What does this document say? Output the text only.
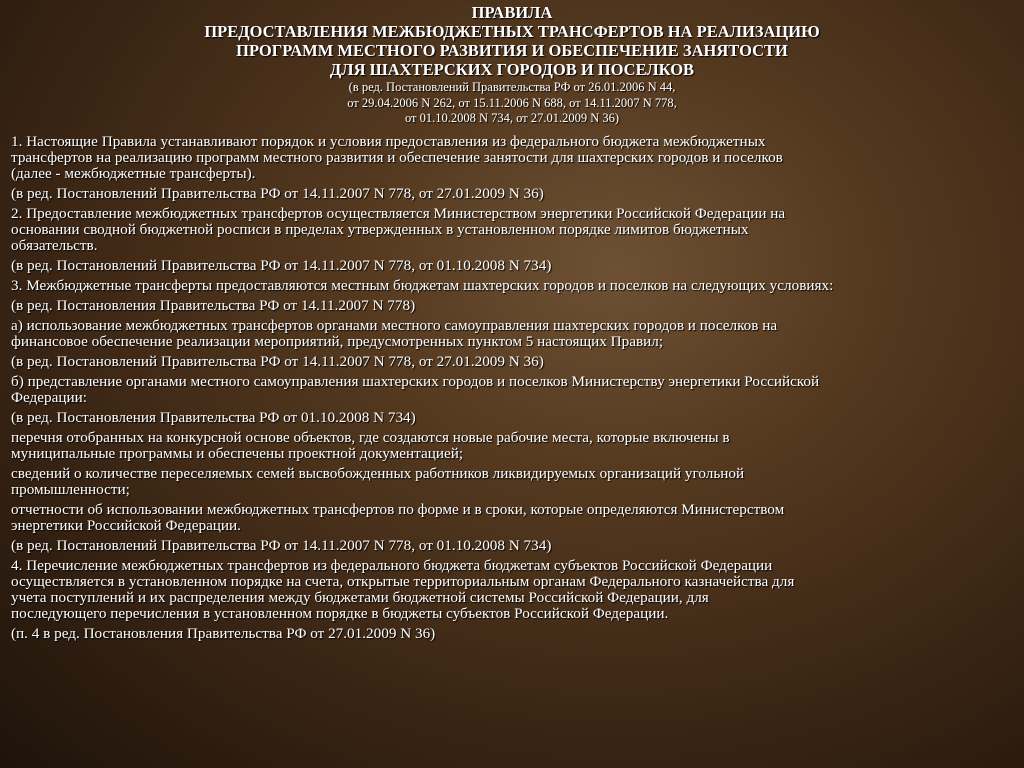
ПРАВИЛА
ПРЕДОСТАВЛЕНИЯ МЕЖБЮДЖЕТНЫХ ТРАНСФЕРТОВ НА РЕАЛИЗАЦИЮ
ПРОГРАММ МЕСТНОГО РАЗВИТИЯ И ОБЕСПЕЧЕНИЕ ЗАНЯТОСТИ
ДЛЯ ШАХТЕРСКИХ ГОРОДОВ И ПОСЕЛКОВ
(в ред. Постановлений Правительства РФ от 26.01.2006 N 44,
от 29.04.2006 N 262, от 15.11.2006 N 688, от 14.11.2007 N 778,
от 01.10.2008 N 734, от 27.01.2009 N 36)
1. Настоящие Правила устанавливают порядок и условия предоставления из федерального бюджета межбюджетных
трансфертов на реализацию программ местного развития и обеспечение занятости для шахтерских городов и поселков
(далее - межбюджетные трансферты).
(в ред. Постановлений Правительства РФ от 14.11.2007 N 778, от 27.01.2009 N 36)
2. Предоставление межбюджетных трансфертов осуществляется Министерством энергетики Российской Федерации на
основании сводной бюджетной росписи в пределах утвержденных в установленном порядке лимитов бюджетных
обязательств.
(в ред. Постановлений Правительства РФ от 14.11.2007 N 778, от 01.10.2008 N 734)
3. Межбюджетные трансферты предоставляются местным бюджетам шахтерских городов и поселков на следующих условиях:
(в ред. Постановления Правительства РФ от 14.11.2007 N 778)
а) использование межбюджетных трансфертов органами местного самоуправления шахтерских городов и поселков на
финансовое обеспечение реализации мероприятий, предусмотренных пунктом 5 настоящих Правил;
(в ред. Постановлений Правительства РФ от 14.11.2007 N 778, от 27.01.2009 N 36)
б) представление органами местного самоуправления шахтерских городов и поселков Министерству энергетики Российской
Федерации:
(в ред. Постановления Правительства РФ от 01.10.2008 N 734)
перечня отобранных на конкурсной основе объектов, где создаются новые рабочие места, которые включены в
муниципальные программы и обеспечены проектной документацией;
сведений о количестве переселяемых семей высвобожденных работников ликвидируемых организаций угольной
промышленности;
отчетности об использовании межбюджетных трансфертов по форме и в сроки, которые определяются Министерством
энергетики Российской Федерации.
(в ред. Постановлений Правительства РФ от 14.11.2007 N 778, от 01.10.2008 N 734)
4. Перечисление межбюджетных трансфертов из федерального бюджета бюджетам субъектов Российской Федерации
осуществляется в установленном порядке на счета, открытые территориальным органам Федерального казначейства для
учета поступлений и их распределения между бюджетами бюджетной системы Российской Федерации, для
последующего перечисления в установленном порядке в бюджеты субъектов Российской Федерации.
(п. 4 в ред. Постановления Правительства РФ от 27.01.2009 N 36)
